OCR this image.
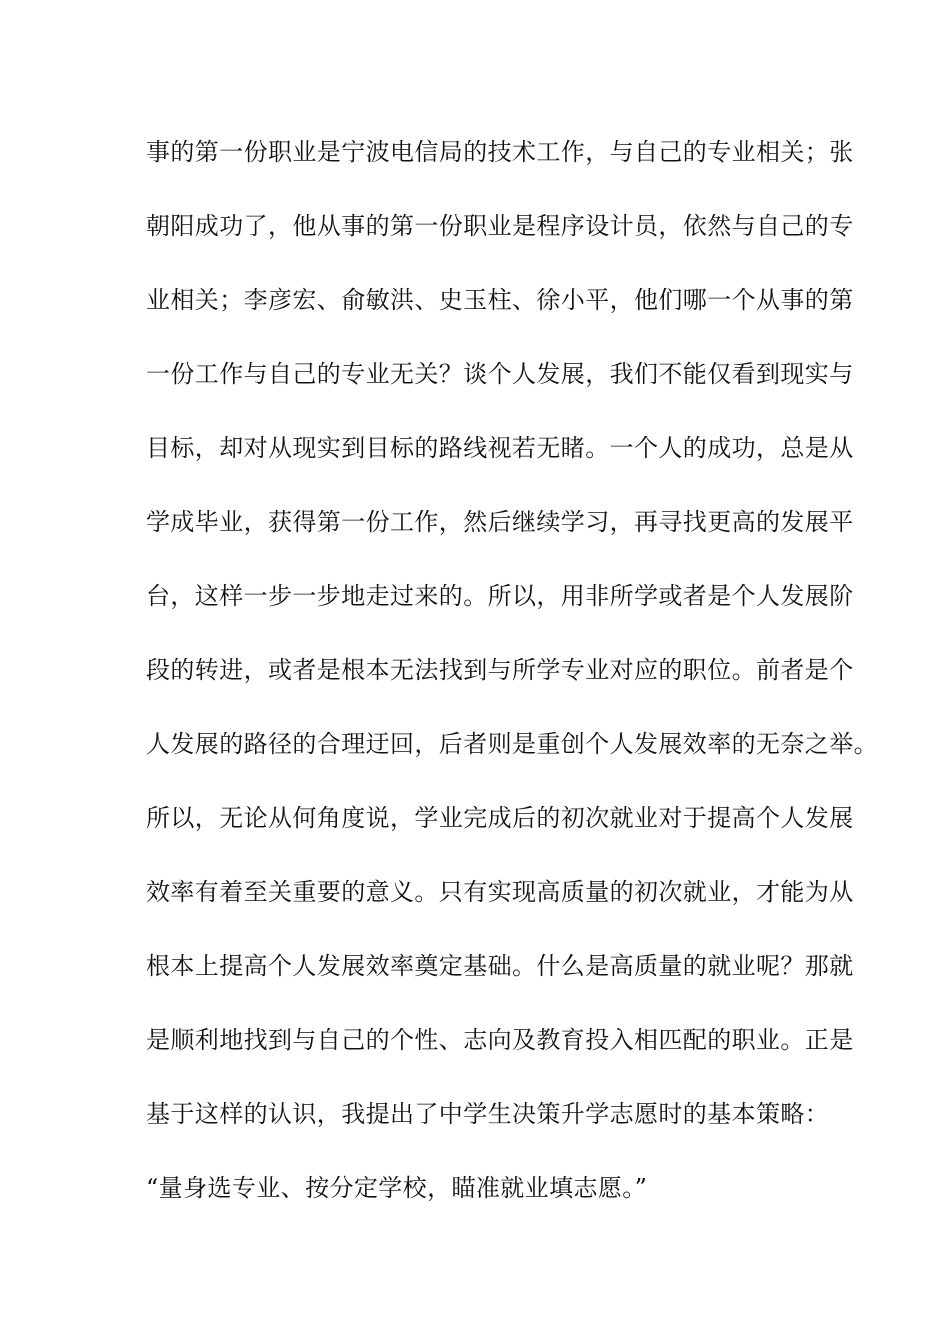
事的第一份职业是宁波电信局的技术工作，与自己的专业相关；张
朝阳成功了，他从事的第一份职业是程序设计员，依然与自己的专
业相关；李彦宏、俞敏洪、史玉柱、徐小平，他们哪一个从事的第
一份工作与自己的专业无关？谈个人发展，我们不能仅看到现实与
目标，却对从现实到目标的路线视若无睹。一个人的成功，总是从
学成毕业，获得第一份工作，然后继续学习，再寻找更高的发展平
台，这样一步一步地走过来的。所以，用非所学或者是个人发展阶
段的转进，或者是根本无法找到与所学专业对应的职位。前者是个
人发展的路径的合理迂回，后者则是重创个人发展效率的无奈之举。
所以，无论从何角度说，学业完成后的初次就业对于提高个人发展
效率有着至关重要的意义。只有实现高质量的初次就业，才能为从
根本上提高个人发展效率奠定基础。什么是高质量的就业呢？那就
是顺利地找到与自己的个性、志向及教育投入相匹配的职业。正是
基于这样的认识，我提出了中学生决策升学志愿时的基本策略：
“量身选专业、按分定学校，瞄准就业填志愿。”
